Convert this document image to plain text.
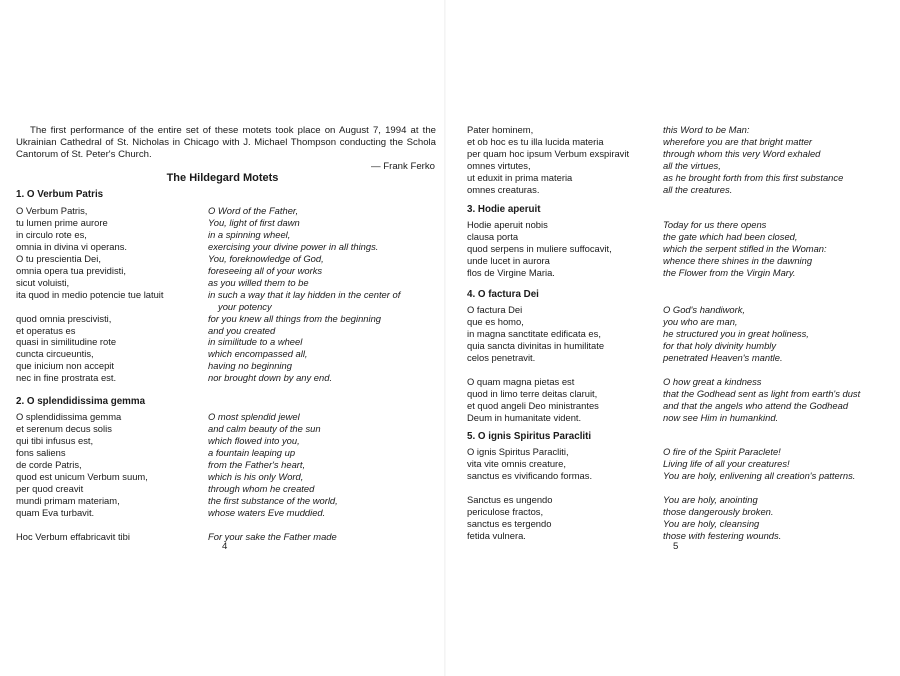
The first performance of the entire set of these motets took place on August 7, 1994 at the Ukrainian Cathedral of St. Nicholas in Chicago with J. Michael Thompson conducting the Schola Cantorum of St. Peter's Church.

— Frank Ferko
The Hildegard Motets
1. O Verbum Patris
O Verbum Patris,
tu lumen prime aurore
in circulo rote es,
omnia in divina vi operans.
O tu prescientia Dei,
omnia opera tua previdisti,
sicut voluisti,
ita quod in medio potencie tue latuit

quod omnia prescivisti,
et operatus es
quasi in similitudine rote
cuncta circueuntis,
que inicium non accepit
nec in fine prostrata est.
O Word of the Father,
You, light of first dawn
in a spinning wheel,
exercising your divine power in all things.
You, foreknowledge of God,
foreseeing all of your works
as you willed them to be
in such a way that it lay hidden in the center of
your potency
for you knew all things from the beginning
and you created
in similitude to a wheel
which encompassed all,
having no beginning
nor brought down by any end.
2. O splendidissima gemma
O splendidissima gemma
et serenum decus solis
qui tibi infusus est,
fons saliens
de corde Patris,
quod est unicum Verbum suum,
per quod creavit
mundi primam materiam,
quam Eva turbavit.

Hoc Verbum effabricavit tibi
O most splendid jewel
and calm beauty of the sun
which flowed into you,
a fountain leaping up
from the Father's heart,
which is his only Word,
through whom he created
the first substance of the world,
whose waters Eve muddied.

For your sake the Father made
4
Pater hominem,
et ob hoc es tu illa lucida materia
per quam hoc ipsum Verbum exspiravit
omnes virtutes,
ut eduxit in prima materia
omnes creaturas.
this Word to be Man:
wherefore you are that bright matter
through whom this very Word exhaled
all the virtues,
as he brought forth from this first substance
all the creatures.
3. Hodie aperuit
Hodie aperuit nobis
clausa porta
quod serpens in muliere suffocavit,
unde lucet in aurora
flos de Virgine Maria.
Today for us there opens
the gate which had been closed,
which the serpent stifled in the Woman:
whence there shines in the dawning
the Flower from the Virgin Mary.
4. O factura Dei
O factura Dei
que es homo,
in magna sanctitate edificata es,
quia sancta divinitas in humilitate
celos penetravit.

O quam magna pietas est
quod in limo terre deitas claruit,
et quod angeli Deo ministrantes
Deum in humanitate vident.
O God's handiwork,
you who are man,
he structured you in great holiness,
for that holy divinity humbly
penetrated Heaven's mantle.

O how great a kindness
that the Godhead sent as light from earth's dust
and that the angels who attend the Godhead
now see Him in humankind.
5. O ignis Spiritus Paracliti
O ignis Spiritus Paracliti,
vita vite omnis creature,
sanctus es vivificando formas.

Sanctus es ungendo
periculose fractos,
sanctus es tergendo
fetida vulnera.
O fire of the Spirit Paraclete!
Living life of all your creatures!
You are holy, enlivening all creation's patterns.

You are holy, anointing
those dangerously broken.
You are holy, cleansing
those with festering wounds.
5
